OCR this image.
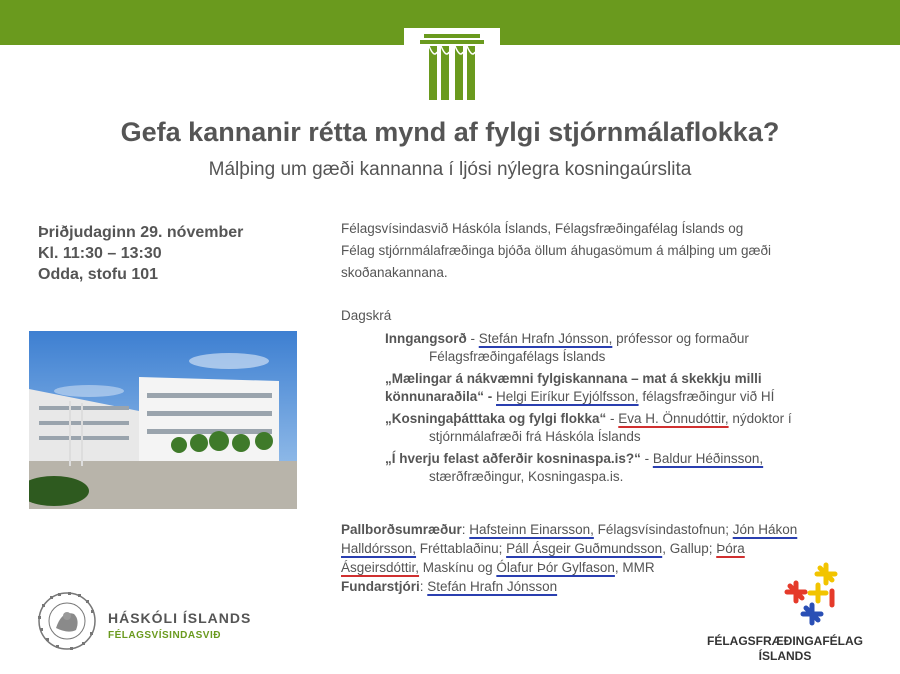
Gefa kannanir rétta mynd af fylgi stjórnmálaflokka?
Málþing um gæði kannanna í ljósi nýlegra kosningaúrslita
Þriðjudaginn 29. nóvember
Kl. 11:30 – 13:30
Odda, stofu 101
Félagsvísindasvið Háskóla Íslands, Félagsfræðingafélag Íslands og
Félag stjórnmálafræðinga bjóða öllum áhugasömum á málþing um gæði
skoðanakannana.
Dagskrá
Inngangsorð - Stefán Hrafn Jónsson, prófessor og formaður
Félagsfræðingafélags Íslands
„Mælingar á nákvæmni fylgiskannana – mat á skekkju milli
könnunaraðila“ - Helgi Eiríkur Eyjólfsson, félagsfræðingur við HÍ
„Kosningaþátttaka og fylgi flokka“ - Eva H. Önnudóttir, nýdoktor í
stjórnmálafræði frá Háskóla Íslands
„Í hverju felast aðferðir kosninaspa.is?“ - Baldur Héðinsson,
stærðfræðingur, Kosningaspa.is.
Pallborðsumræður: Hafsteinn Einarsson, Félagsvísindastofnun; Jón Hákon
Halldórsson, Fréttablaðinu; Páll Ásgeir Guðmundsson, Gallup; Þóra
Ásgeirsdóttir, Maskínu og Ólafur Þór Gylfason, MMR
Fundarstjóri: Stefán Hrafn Jónsson
HÁSKÓLI ÍSLANDS
FÉLAGSVÍSINDASVIÐ	FÉLAGSFRÆÐINGAFÉLAG
ÍSLANDS
